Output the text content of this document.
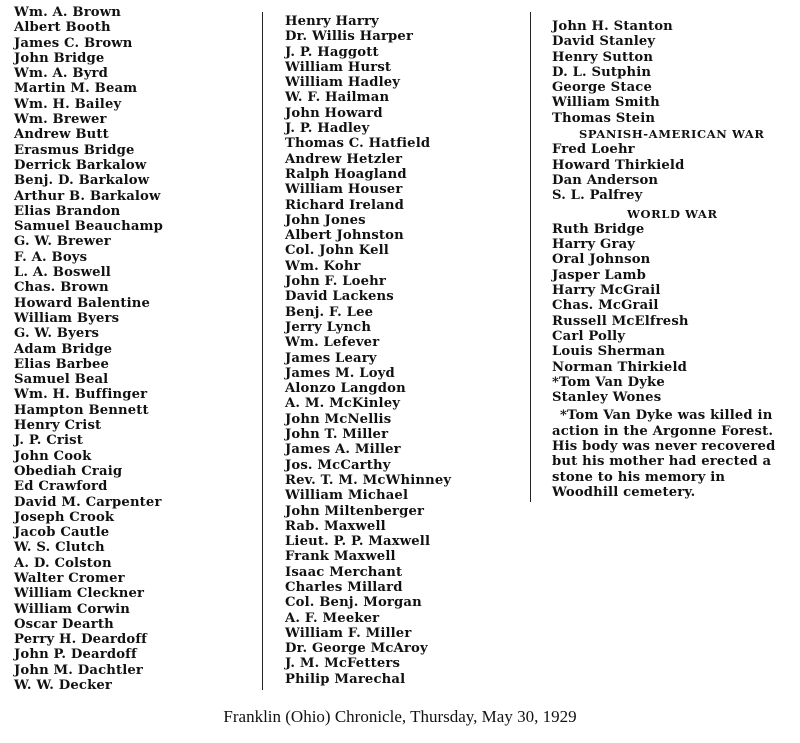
Wm. A. Brown
Albert Booth
James C. Brown
John Bridge
Wm. A. Byrd
Martin M. Beam
Wm. H. Bailey
Wm. Brewer
Andrew Butt
Erasmus Bridge
Derrick Barkalow
Benj. D. Barkalow
Arthur B. Barkalow
Elias Brandon
Samuel Beauchamp
G. W. Brewer
F. A. Boys
L. A. Boswell
Chas. Brown
Howard Balentine
William Byers
G. W. Byers
Adam Bridge
Elias Barbee
Samuel Beal
Wm. H. Buffinger
Hampton Bennett
Henry Crist
J. P. Crist
John Cook
Obediah Craig
Ed Crawford
David M. Carpenter
Joseph Crook
Jacob Cautle
W. S. Clutch
A. D. Colston
Walter Cromer
William Cleckner
William Corwin
Oscar Dearth
Perry H. Deardoff
John P. Deardoff
John M. Dachtler
W. W. Decker
Henry Harry
Dr. Willis Harper
J. P. Haggott
William Hurst
William Hadley
W. F. Hailman
John Howard
J. P. Hadley
Thomas C. Hatfield
Andrew Hetzler
Ralph Hoagland
William Houser
Richard Ireland
John Jones
Albert Johnston
Col. John Kell
Wm. Kohr
John F. Loehr
David Lackens
Benj. F. Lee
Jerry Lynch
Wm. Lefever
James Leary
James M. Loyd
Alonzo Langdon
A. M. McKinley
John McNellis
John T. Miller
James A. Miller
Jos. McCarthy
Rev. T. M. McWhinney
William Michael
John Miltenberger
Rab. Maxwell
Lieut. P. P. Maxwell
Frank Maxwell
Isaac Merchant
Charles Millard
Col. Benj. Morgan
A. F. Meeker
William F. Miller
Dr. George McAroy
J. M. McFetters
Philip Marechal
John H. Stanton
David Stanley
Henry Sutton
D. L. Sutphin
George Stace
William Smith
Thomas Stein
SPANISH-AMERICAN WAR
Fred Loehr
Howard Thirkield
Dan Anderson
S. L. Palfrey
WORLD WAR
Ruth Bridge
Harry Gray
Oral Johnson
Jasper Lamb
Harry McGrail
Chas. McGrail
Russell McElfresh
Carl Polly
Louis Sherman
Norman Thirkield
*Tom Van Dyke
Stanley Wones
*Tom Van Dyke was killed in action in the Argonne Forest. His body was never recovered but his mother had erected a stone to his memory in Woodhill cemetery.
Franklin (Ohio) Chronicle, Thursday, May 30, 1929
